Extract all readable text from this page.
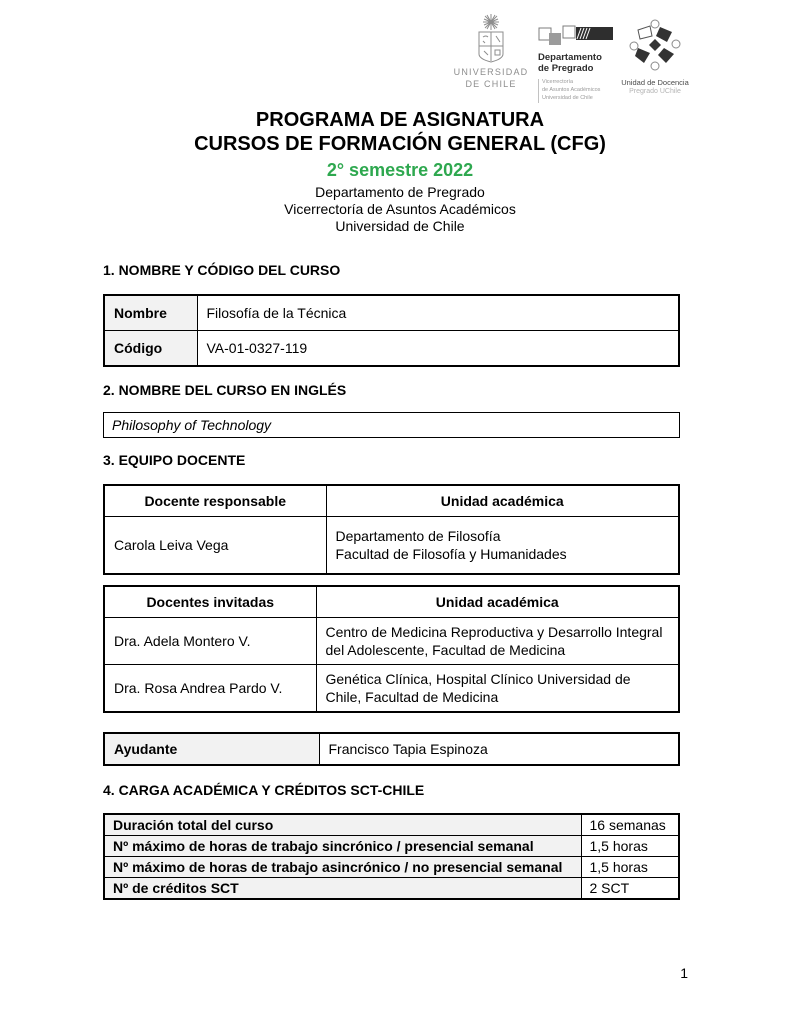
UNIVERSIDAD
DE CHILE
Departamento
de Pregrado
Vicerrectoría
de Asuntos Académicos
Universidad de Chile
Unidad de Docencia
Pregrado UChile
PROGRAMA DE ASIGNATURA
CURSOS DE FORMACIÓN GENERAL (CFG)
2° semestre 2022
Departamento de Pregrado
Vicerrectoría de Asuntos Académicos
Universidad de Chile
1. NOMBRE Y CÓDIGO DEL CURSO
Nombre	Filosofía de la Técnica
Código	VA-01-0327-119
2. NOMBRE DEL CURSO EN INGLÉS
Philosophy of Technology
3. EQUIPO DOCENTE
Docente responsable	Unidad académica
Carola Leiva Vega	Departamento de Filosofía
Facultad de Filosofía y Humanidades
Docentes invitadas	Unidad académica
Dra. Adela Montero V.	Centro de Medicina Reproductiva y Desarrollo Integral del Adolescente, Facultad de Medicina
Dra. Rosa Andrea Pardo V.	Genética Clínica, Hospital Clínico Universidad de Chile, Facultad de Medicina
Ayudante	Francisco Tapia Espinoza
4. CARGA ACADÉMICA Y CRÉDITOS SCT-CHILE
Duración total del curso	16 semanas
Nº máximo de horas de trabajo sincrónico / presencial semanal	1,5 horas
Nº máximo de horas de trabajo asincrónico / no presencial semanal	1,5 horas
Nº de créditos SCT	2 SCT
1
